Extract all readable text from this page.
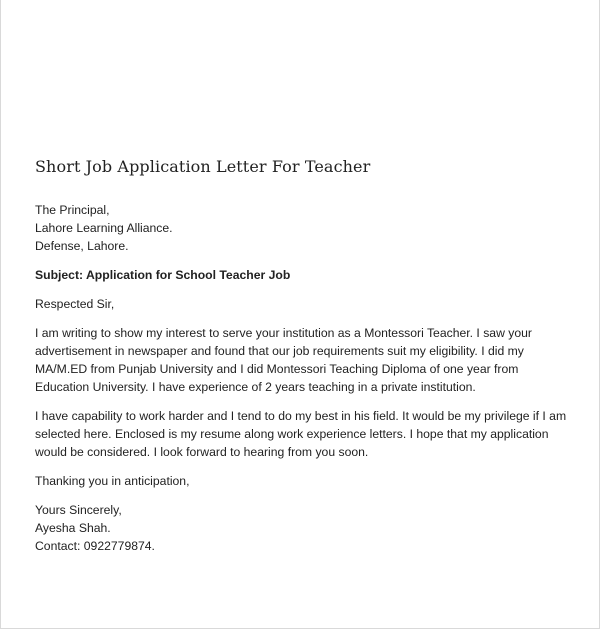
Short Job Application Letter For Teacher

The Principal,
Lahore Learning Alliance.
Defense, Lahore.

Subject: Application for School Teacher Job

Respected Sir,

I am writing to show my interest to serve your institution as a Montessori Teacher. I saw your advertisement in newspaper and found that our job requirements suit my eligibility. I did my MA/M.ED from Punjab University and I did Montessori Teaching Diploma of one year from Education University. I have experience of 2 years teaching in a private institution.

I have capability to work harder and I tend to do my best in his field. It would be my privilege if I am selected here. Enclosed is my resume along work experience letters. I hope that my application would be considered. I look forward to hearing from you soon.

Thanking you in anticipation,

Yours Sincerely,
Ayesha Shah.
Contact: 0922779874.
